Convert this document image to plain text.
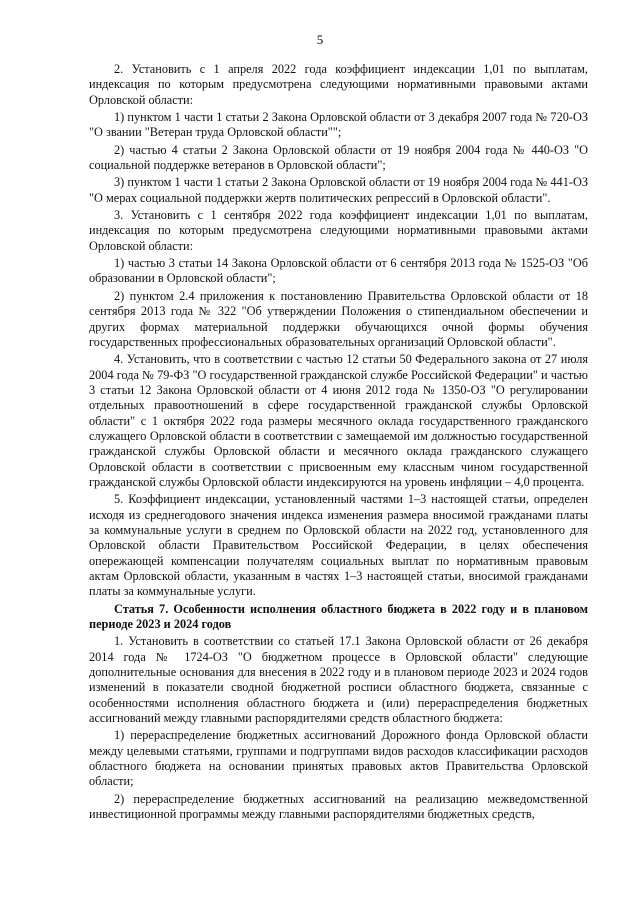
5

2. Установить с 1 апреля 2022 года коэффициент индексации 1,01 по выплатам, индексация по которым предусмотрена следующими нормативными правовыми актами Орловской области:

1) пунктом 1 части 1 статьи 2 Закона Орловской области от 3 декабря 2007 года № 720-ОЗ "О звании "Ветеран труда Орловской области"";

2) частью 4 статьи 2 Закона Орловской области от 19 ноября 2004 года № 440-ОЗ "О социальной поддержке ветеранов в Орловской области";

3) пунктом 1 части 1 статьи 2 Закона Орловской области от 19 ноября 2004 года № 441-ОЗ "О мерах социальной поддержки жертв политических репрессий в Орловской области".

3. Установить с 1 сентября 2022 года коэффициент индексации 1,01 по выплатам, индексация по которым предусмотрена следующими нормативными правовыми актами Орловской области:

1) частью 3 статьи 14 Закона Орловской области от 6 сентября 2013 года № 1525-ОЗ "Об образовании в Орловской области";

2) пунктом 2.4 приложения к постановлению Правительства Орловской области от 18 сентября 2013 года № 322 "Об утверждении Положения о стипендиальном обеспечении и других формах материальной поддержки обучающихся очной формы обучения государственных профессиональных образовательных организаций Орловской области".

4. Установить, что в соответствии с частью 12 статьи 50 Федерального закона от 27 июля 2004 года № 79-ФЗ "О государственной гражданской службе Российской Федерации" и частью 3 статьи 12 Закона Орловской области от 4 июня 2012 года № 1350-ОЗ "О регулировании отдельных правоотношений в сфере государственной гражданской службы Орловской области" с 1 октября 2022 года размеры месячного оклада государственного гражданского служащего Орловской области в соответствии с замещаемой им должностью государственной гражданской службы Орловской области и месячного оклада гражданского служащего Орловской области в соответствии с присвоенным ему классным чином государственной гражданской службы Орловской области индексируются на уровень инфляции – 4,0 процента.

5. Коэффициент индексации, установленный частями 1–3 настоящей статьи, определен исходя из среднегодового значения индекса изменения размера вносимой гражданами платы за коммунальные услуги в среднем по Орловской области на 2022 год, установленного для Орловской области Правительством Российской Федерации, в целях обеспечения опережающей компенсации получателям социальных выплат по нормативным правовым актам Орловской области, указанным в частях 1–3 настоящей статьи, вносимой гражданами платы за коммунальные услуги.

Статья 7. Особенности исполнения областного бюджета в 2022 году и в плановом периоде 2023 и 2024 годов

1. Установить в соответствии со статьей 17.1 Закона Орловской области от 26 декабря 2014 года № 1724-ОЗ "О бюджетном процессе в Орловской области" следующие дополнительные основания для внесения в 2022 году и в плановом периоде 2023 и 2024 годов изменений в показатели сводной бюджетной росписи областного бюджета, связанные с особенностями исполнения областного бюджета и (или) перераспределения бюджетных ассигнований между главными распорядителями средств областного бюджета:

1) перераспределение бюджетных ассигнований Дорожного фонда Орловской области между целевыми статьями, группами и подгруппами видов расходов классификации расходов областного бюджета на основании принятых правовых актов Правительства Орловской области;

2) перераспределение бюджетных ассигнований на реализацию межведомственной инвестиционной программы между главными распорядителями бюджетных средств,
